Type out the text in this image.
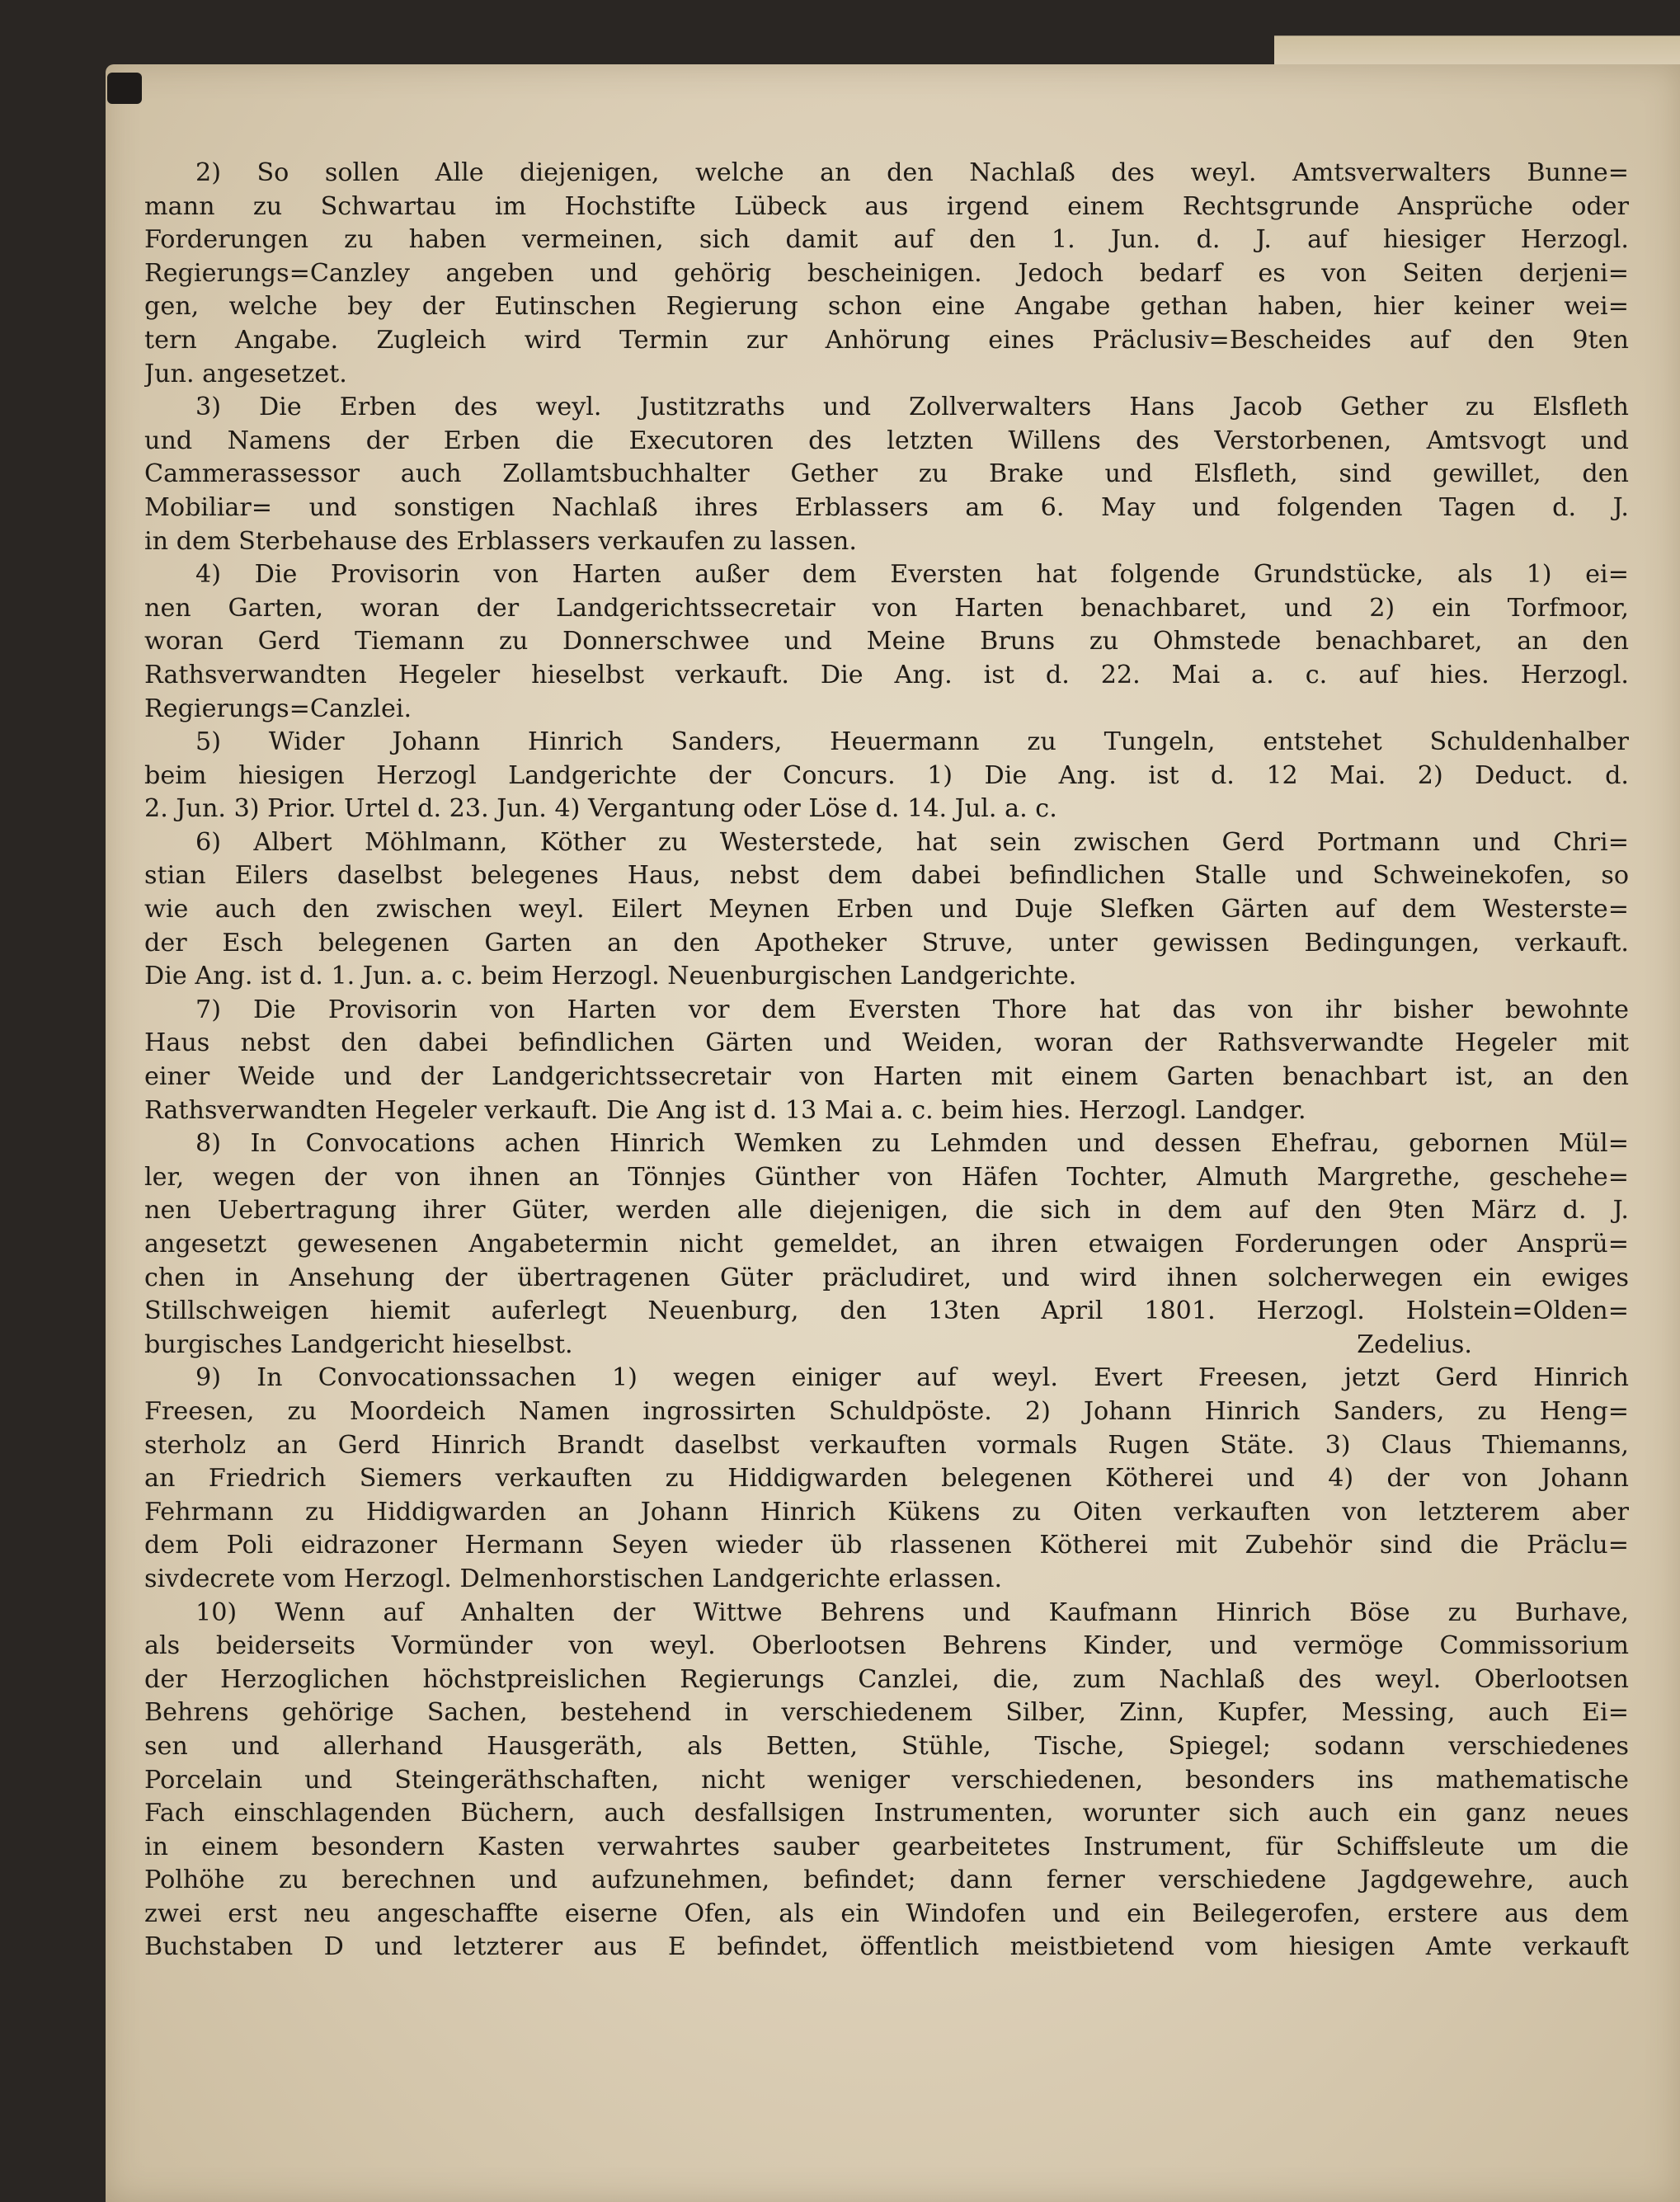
2) So sollen Alle diejenigen, welche an den Nachlaß des weyl. Amtsverwalters Bunne=
mann zu Schwartau im Hochstifte Lübeck aus irgend einem Rechtsgrunde Ansprüche oder
Forderungen zu haben vermeinen, sich damit auf den 1. Jun. d. J. auf hiesiger Herzogl.
Regierungs=Canzley angeben und gehörig bescheinigen. Jedoch bedarf es von Seiten derjeni=
gen, welche bey der Eutinschen Regierung schon eine Angabe gethan haben, hier keiner wei=
tern Angabe. Zugleich wird Termin zur Anhörung eines Präclusiv=Bescheides auf den 9ten
Jun. angesetzet.
3) Die Erben des weyl. Justitzraths und Zollverwalters Hans Jacob Gether zu Elsfleth
und Namens der Erben die Executoren des letzten Willens des Verstorbenen, Amtsvogt und
Cammerassessor auch Zollamtsbuchhalter Gether zu Brake und Elsfleth, sind gewillet, den
Mobiliar= und sonstigen Nachlaß ihres Erblassers am 6. May und folgenden Tagen d. J.
in dem Sterbehause des Erblassers verkaufen zu lassen.
4) Die Provisorin von Harten außer dem Eversten hat folgende Grundstücke, als 1) ei=
nen Garten, woran der Landgerichtssecretair von Harten benachbaret, und 2) ein Torfmoor,
woran Gerd Tiemann zu Donnerschwee und Meine Bruns zu Ohmstede benachbaret, an den
Rathsverwandten Hegeler hieselbst verkauft. Die Ang. ist d. 22. Mai a. c. auf hies. Herzogl.
Regierungs=Canzlei.
5) Wider Johann Hinrich Sanders, Heuermann zu Tungeln, entstehet Schuldenhalber
beim hiesigen Herzogl Landgerichte der Concurs. 1) Die Ang. ist d. 12 Mai. 2) Deduct. d.
2. Jun. 3) Prior. Urtel d. 23. Jun. 4) Vergantung oder Löse d. 14. Jul. a. c.
6) Albert Möhlmann, Köther zu Westerstede, hat sein zwischen Gerd Portmann und Chri=
stian Eilers daselbst belegenes Haus, nebst dem dabei befindlichen Stalle und Schweinekofen, so
wie auch den zwischen weyl. Eilert Meynen Erben und Duje Slefken Gärten auf dem Westerste=
der Esch belegenen Garten an den Apotheker Struve, unter gewissen Bedingungen, verkauft.
Die Ang. ist d. 1. Jun. a. c. beim Herzogl. Neuenburgischen Landgerichte.
7) Die Provisorin von Harten vor dem Eversten Thore hat das von ihr bisher bewohnte
Haus nebst den dabei befindlichen Gärten und Weiden, woran der Rathsverwandte Hegeler mit
einer Weide und der Landgerichtssecretair von Harten mit einem Garten benachbart ist, an den
Rathsverwandten Hegeler verkauft. Die Ang ist d. 13 Mai a. c. beim hies. Herzogl. Landger.
8) In Convocations achen Hinrich Wemken zu Lehmden und dessen Ehefrau, gebornen Mül=
ler, wegen der von ihnen an Tönnjes Günther von Häfen Tochter, Almuth Margrethe, geschehe=
nen Uebertragung ihrer Güter, werden alle diejenigen, die sich in dem auf den 9ten März d. J.
angesetzt gewesenen Angabetermin nicht gemeldet, an ihren etwaigen Forderungen oder Ansprü=
chen in Ansehung der übertragenen Güter präcludiret, und wird ihnen solcherwegen ein ewiges
Stillschweigen hiemit auferlegt Neuenburg, den 13ten April 1801. Herzogl. Holstein=Olden=
burgisches Landgericht hieselbst.	Zedelius.
9) In Convocationssachen 1) wegen einiger auf weyl. Evert Freesen, jetzt Gerd Hinrich
Freesen, zu Moordeich Namen ingrossirten Schuldpöste. 2) Johann Hinrich Sanders, zu Heng=
sterholz an Gerd Hinrich Brandt daselbst verkauften vormals Rugen Stäte. 3) Claus Thiemanns,
an Friedrich Siemers verkauften zu Hiddigwarden belegenen Kötherei und 4) der von Johann
Fehrmann zu Hiddigwarden an Johann Hinrich Kükens zu Oiten verkauften von letzterem aber
dem Poli eidrazoner Hermann Seyen wieder üb rlassenen Kötherei mit Zubehör sind die Präclu=
sivdecrete vom Herzogl. Delmenhorstischen Landgerichte erlassen.
10) Wenn auf Anhalten der Wittwe Behrens und Kaufmann Hinrich Böse zu Burhave,
als beiderseits Vormünder von weyl. Oberlootsen Behrens Kinder, und vermöge Commissorium
der Herzoglichen höchstpreislichen Regierungs Canzlei, die, zum Nachlaß des weyl. Oberlootsen
Behrens gehörige Sachen, bestehend in verschiedenem Silber, Zinn, Kupfer, Messing, auch Ei=
sen und allerhand Hausgeräth, als Betten, Stühle, Tische, Spiegel; sodann verschiedenes
Porcelain und Steingeräthschaften, nicht weniger verschiedenen, besonders ins mathematische
Fach einschlagenden Büchern, auch desfallsigen Instrumenten, worunter sich auch ein ganz neues
in einem besondern Kasten verwahrtes sauber gearbeitetes Instrument, für Schiffsleute um die
Polhöhe zu berechnen und aufzunehmen, befindet; dann ferner verschiedene Jagdgewehre, auch
zwei erst neu angeschaffte eiserne Ofen, als ein Windofen und ein Beilegerofen, erstere aus dem
Buchstaben D und letzterer aus E befindet, öffentlich meistbietend vom hiesigen Amte verkauft
